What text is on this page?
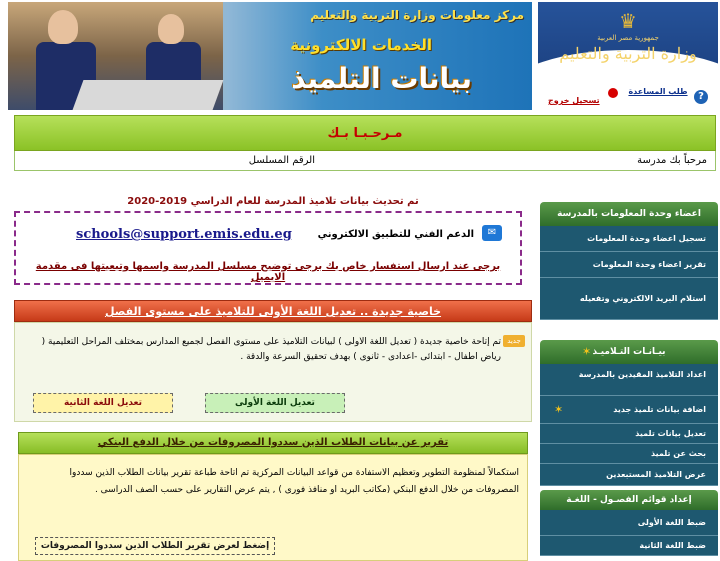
مركز معلومات وزارة التربية والتعليم
الخدمات الالكترونية
بيانات التلميذ
♛
جمهورية مصر العربية
وزارة التربية والتعليم
?
طلب المساعدة
تسجيل خروج
مـرحـبـا بـك
مرحباً بك مدرسة
الرقم المسلسل
تم تحديث بيانات تلاميذ المدرسة للعام الدراسي 2019-2020
✉
الدعم الفني للتطبيق الالكتروني
schools@support.emis.edu.eg
برجى عند ارسال استفسار خاص بك برجى توضيح مسلسل المدرسة واسمها وتبعيتها فى مقدمة الايميل
خاصية جديدة .. تعديل اللغة الأولى للتلاميذ على مستوى الفصل
جديد
تم إتاحة خاصية جديدة ( تعديل اللغة الاولى ) لبيانات التلاميذ على مستوى الفصل لجميع المدارس بمختلف المراحل التعليمية ( رياض اطفال - ابتدائى -اعدادى - ثانوى ) بهدف تحقيق السرعة والدقة .
تعديل اللغة الأولى
تعديل اللغة الثانية
تقرير عن بيانات الطلاب الذين سددوا المصروفات من خلال الدفع البنكي
استكمالاً لمنظومة التطوير وتعظيم الاستفادة من قواعد البيانات المركزية تم اتاحة طباعة تقرير بيانات الطلاب الذين سددوا المصروفات من خلال الدفع البنكي (مكاتب البريد او منافذ فورى ) , يتم عرض التقارير على حسب الصف الدراسى .
إضغط لعرض تقرير الطلاب الذين سددوا المصروفات
اعضاء وحدة المعلومات بالمدرسة
تسجيل اعضاء وحدة المعلومات
تقرير اعضاء وحدة المعلومات
استلام البريد الالكتروني وتفعيله
بيـانـات التـلاميـذ
✶
اعداد التلاميذ المقيدين بالمدرسة
اضافة بيانات تلميذ جديد
✶
تعديل بيانات تلميذ
بحث عن تلميذ
عرض التلاميذ المستبعدين
إعداد قوائم الفصـول - اللغـة
ضبط اللغة الأولى
ضبط اللغة الثانية
